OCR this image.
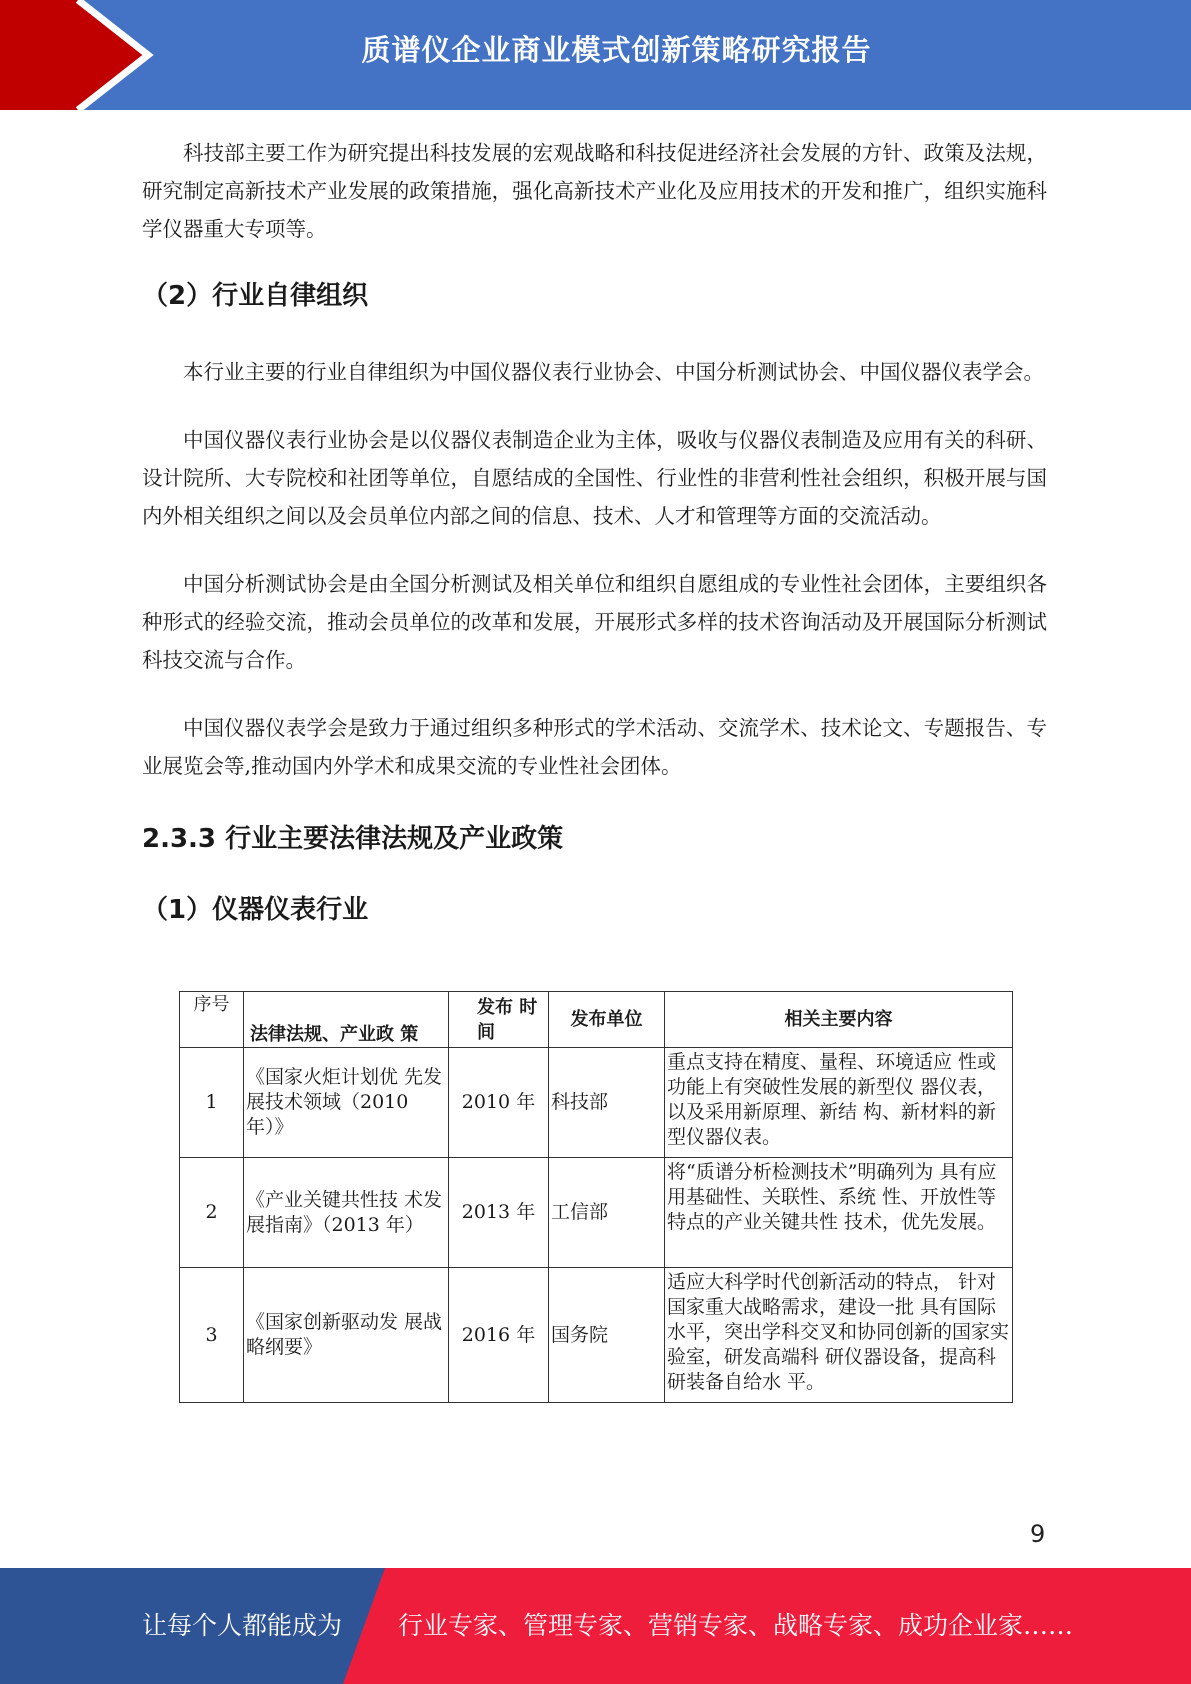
质谱仪企业商业模式创新策略研究报告

科技部主要工作为研究提出科技发展的宏观战略和科技促进经济社会发展的方针、政策及法规，研究制定高新技术产业发展的政策措施，强化高新技术产业化及应用技术的开发和推广，组织实施科学仪器重大专项等。

（2）行业自律组织

本行业主要的行业自律组织为中国仪器仪表行业协会、中国分析测试协会、中国仪器仪表学会。

中国仪器仪表行业协会是以仪器仪表制造企业为主体，吸收与仪器仪表制造及应用有关的科研、设计院所、大专院校和社团等单位，自愿结成的全国性、行业性的非营利性社会组织，积极开展与国内外相关组织之间以及会员单位内部之间的信息、技术、人才和管理等方面的交流活动。

中国分析测试协会是由全国分析测试及相关单位和组织自愿组成的专业性社会团体，主要组织各种形式的经验交流，推动会员单位的改革和发展，开展形式多样的技术咨询活动及开展国际分析测试科技交流与合作。

中国仪器仪表学会是致力于通过组织多种形式的学术活动、交流学术、技术论文、专题报告、专业展览会等,推动国内外学术和成果交流的专业性社会团体。

2.3.3 行业主要法律法规及产业政策
（1）仪器仪表行业
序号	法律法规、产业政 策	发布 时间	发布单位	相关主要内容
1	《国家火炬计划优 先发展技术领域（2010 年）》	2010 年	科技部	重点支持在精度、量程、环境适应 性或功能上有突破性发展的新型仪 器仪表，以及采用新原理、新结 构、新材料的新型仪器仪表。
2	《产业关键共性技 术发展指南》（2013 年）	2013 年	工信部	将“质谱分析检测技术”明确列为 具有应用基础性、关联性、系统 性、开放性等特点的产业关键共性 技术，优先发展。
3	《国家创新驱动发 展战略纲要》	2016 年	国务院	适应大科学时代创新活动的特点， 针对国家重大战略需求，建设一批 具有国际水平，突出学科交叉和协同创新的国家实验室，研发高端科 研仪器设备，提高科研装备自给水 平。
9
让每个人都能成为 行业专家、管理专家、营销专家、战略专家、成功企业家……
